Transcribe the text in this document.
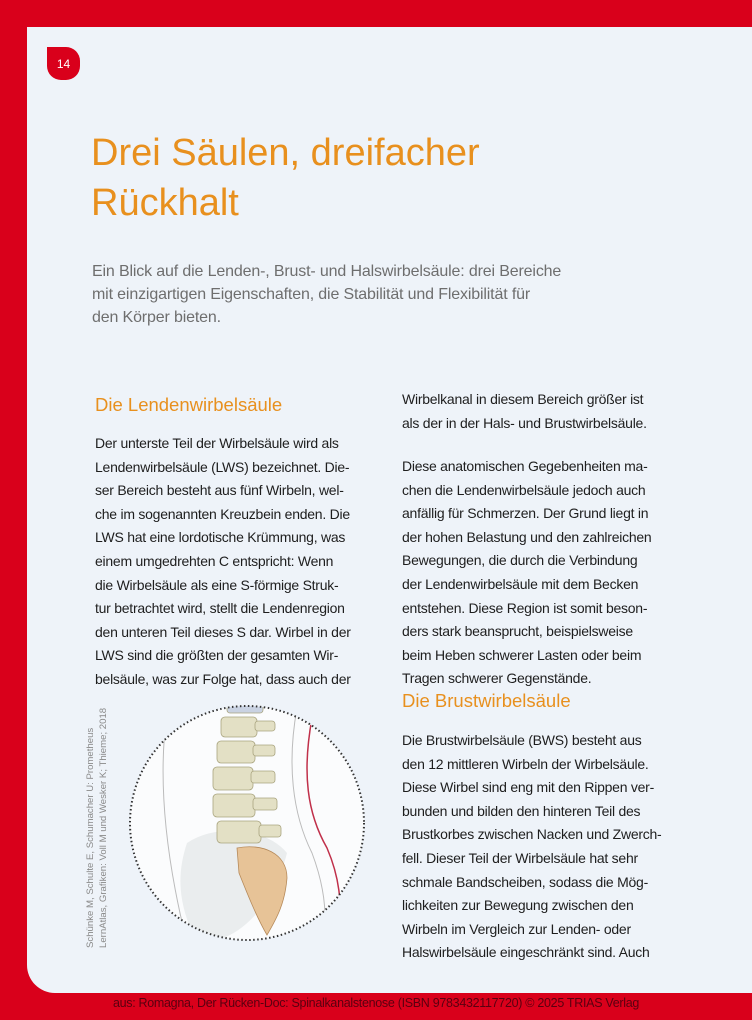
14
Drei Säulen, dreifacher
Rückhalt
Ein Blick auf die Lenden-, Brust- und Halswirbelsäule: drei Bereiche
mit einzigartigen Eigenschaften, die Stabilität und Flexibilität für
den Körper bieten.
Die Lendenwirbelsäule
Der unterste Teil der Wirbelsäule wird als
Lendenwirbelsäule (LWS) bezeichnet. Die-
ser Bereich besteht aus fünf Wirbeln, wel-
che im sogenannten Kreuzbein enden. Die
LWS hat eine lordotische Krümmung, was
einem umgedrehten C entspricht: Wenn
die Wirbelsäule als eine S-förmige Struk-
tur betrachtet wird, stellt die Lendenregion
den unteren Teil dieses S dar. Wirbel in der
LWS sind die größten der gesamten Wir-
belsäule, was zur Folge hat, dass auch der
Wirbelkanal in diesem Bereich größer ist
als der in der Hals- und Brustwirbelsäule.
Diese anatomischen Gegebenheiten ma-
chen die Lendenwirbelsäule jedoch auch
anfällig für Schmerzen. Der Grund liegt in
der hohen Belastung und den zahlreichen
Bewegungen, die durch die Verbindung
der Lendenwirbelsäule mit dem Becken
entstehen. Diese Region ist somit beson-
ders stark beansprucht, beispielsweise
beim Heben schwerer Lasten oder beim
Tragen schwerer Gegenstände.
Die Brustwirbelsäule
Die Brustwirbelsäule (BWS) besteht aus
den 12 mittleren Wirbeln der Wirbelsäule.
Diese Wirbel sind eng mit den Rippen ver-
bunden und bilden den hinteren Teil des
Brustkorbes zwischen Nacken und Zwerch-
fell. Dieser Teil der Wirbelsäule hat sehr
schmale Bandscheiben, sodass die Mög-
lichkeiten zur Bewegung zwischen den
Wirbeln im Vergleich zur Lenden- oder
Halswirbelsäule eingeschränkt sind. Auch
Schünke M, Schulte E, Schumacher U: Prometheus LernAtlas, Grafiken: Voll M und Wesker K; Thieme; 2018
aus: Romagna, Der Rücken-Doc: Spinalkanalstenose (ISBN 9783432117720) © 2025 TRIAS Verlag
